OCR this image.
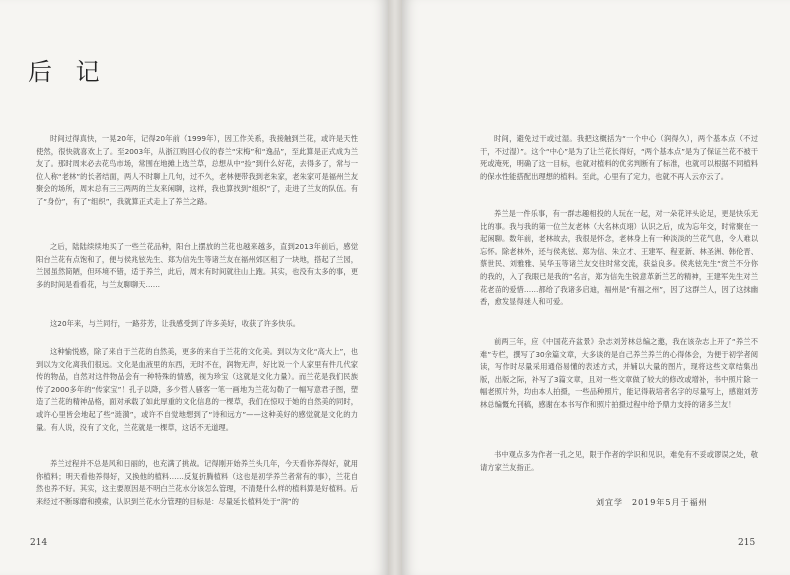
后 记

时间过得真快，一晃20年，记得20年前（1999年），因工作关系，我接触到兰花，或许是天性使然，很快就喜欢上了。至2003年，从浙江购回心仪的春兰“宋梅”和“逸品”，至此算是正式成为兰友了。那时周末必去花鸟市场，常围在地摊上选兰草，总想从中“捡”到什么好花，去得多了，常与一位人称“老林”的长者结面，两人不时聊上几句，过不久，老林便带我到老朱家，老朱家可是福州兰友聚会的场所，周末总有三三两两的兰友来闲聊，这样，我也算找到“组织”了，走进了兰友的队伍。有了“身份”，有了“组织”，我就算正式走上了养兰之路。

之后，陆陆续续地买了一些兰花品种，阳台上摆放的兰花也越来越多，直到2013年前后，感觉阳台兰花有点饱和了，便与侯兆铉先生、郑为信先生等诸兰友在福州郊区租了一块地，搭起了兰园，兰园虽然简陋，但环境不错，适于养兰，此后，周末有时间就往山上跑。其实，也没有太多的事，更多的时间是看看花，与兰友聊聊天……

这20年来，与兰同行，一路芬芳，让我感受到了许多美好，收获了许多快乐。

这种愉悦感，除了来自于兰花的自然美，更多的来自于兰花的文化美。到以为文化“高大上”，也到以为文化离我们很远。文化是血液里的东西，无时不在，润物无声，好比说一个人家里有件几代家传的物品，自然对这件物品会有一种特殊的情感，视为珍宝（这就是文化力量）。而兰花是我们民族传了2000多年的“传家宝”！孔子以降，多少哲人骚客一笔一画地为兰花勾勒了一幅写意君子图，塑造了兰花的精神品格，面对承载了如此厚重的文化信息的一棵草，我们在惊叹于她的自然美的同时，或许心里皆会地起了些“涟漪”，或许不自觉地想到了“诗和远方”——这种美好的感觉就是文化的力量。有人说，没有了文化，兰花就是一棵草，这话不无道理。

养兰过程并不总是风和日丽的，也充满了挑战。记得刚开始养兰头几年，今天看你养得好，就用你植料；明天看他养得好，又换他的植料……反复折腾植料（这也是初学养兰者常有的事），兰花自然也养不好。其实，这主要原因是不明白兰花水分该怎么管理，不清楚什么样的植料算是好植料。后来经过不断琢磨和摸索，认识到兰花水分管理的目标是：尽量延长植料处于“润”的

214

时间，避免过干或过湿。我把这概括为“一个中心（润得久），两个基本点（不过干，不过湿）”。这个“中心”是为了让兰花长得好，“两个基本点”是为了保证兰花不被干死或淹死，明确了这一目标，也就对植料的优劣判断有了标准，也就可以根据不同植料的保水性能搭配出理想的植料。至此，心里有了定力，也就不再人云亦云了。

养兰是一件乐事，有一群志趣相投的人玩在一起，对一朵花评头论足，更是快乐无比的事。我与我的第一位兰友老林（大名林贞翊）认识之后，成为忘年交，时常聚在一起闲聊。数年前，老林故去，我很是怀念，老林身上有一种淡淡的兰花气息，令人难以忘怀。除老林外，还与侯兆铉、郑为信、朱立才、王建军、程亚新、林圣洲、韩伦晋、蔡世民、刘雅雅、吴华玉等诸兰友交往时常交流，获益良多。侯兆铉先生“赏兰不分你的我的，入了我眼已是我的”名言，郑为信先生锐意革新兰艺的精神，王建军先生对兰花老苗的爱惜……都给了我诸多启迪，福州是“有福之州”，因了这群兰人，因了这抹幽香，愈发显得迷人和可爱。

前两三年，应《中国花卉盆景》杂志刘芳林总编之邀，我在该杂志上开了“养兰不难”专栏，撰写了30余篇文章，大多谈的是自己养兰养兰的心得体会，为便于初学者阅读，写作时尽量采用通俗易懂的表述方式，并辅以大量的图片，现将这些文章结集出版，出版之际，补写了3篇文章，且对一些文章做了较大的修改或增补，书中照片除一幅老照片外，均由本人拍摄，一些品种照片，能记得栽培者名字的尽量写上，感谢刘芳林总编慨允刊稿，感谢在本书写作和照片拍摄过程中给予鼎力支持的诸多兰友！

书中观点多为作者一孔之见，限于作者的学识和见识，难免有不妥或谬误之处，敬请方家兰友指正。

刘宜学　2019年5月于福州
215
